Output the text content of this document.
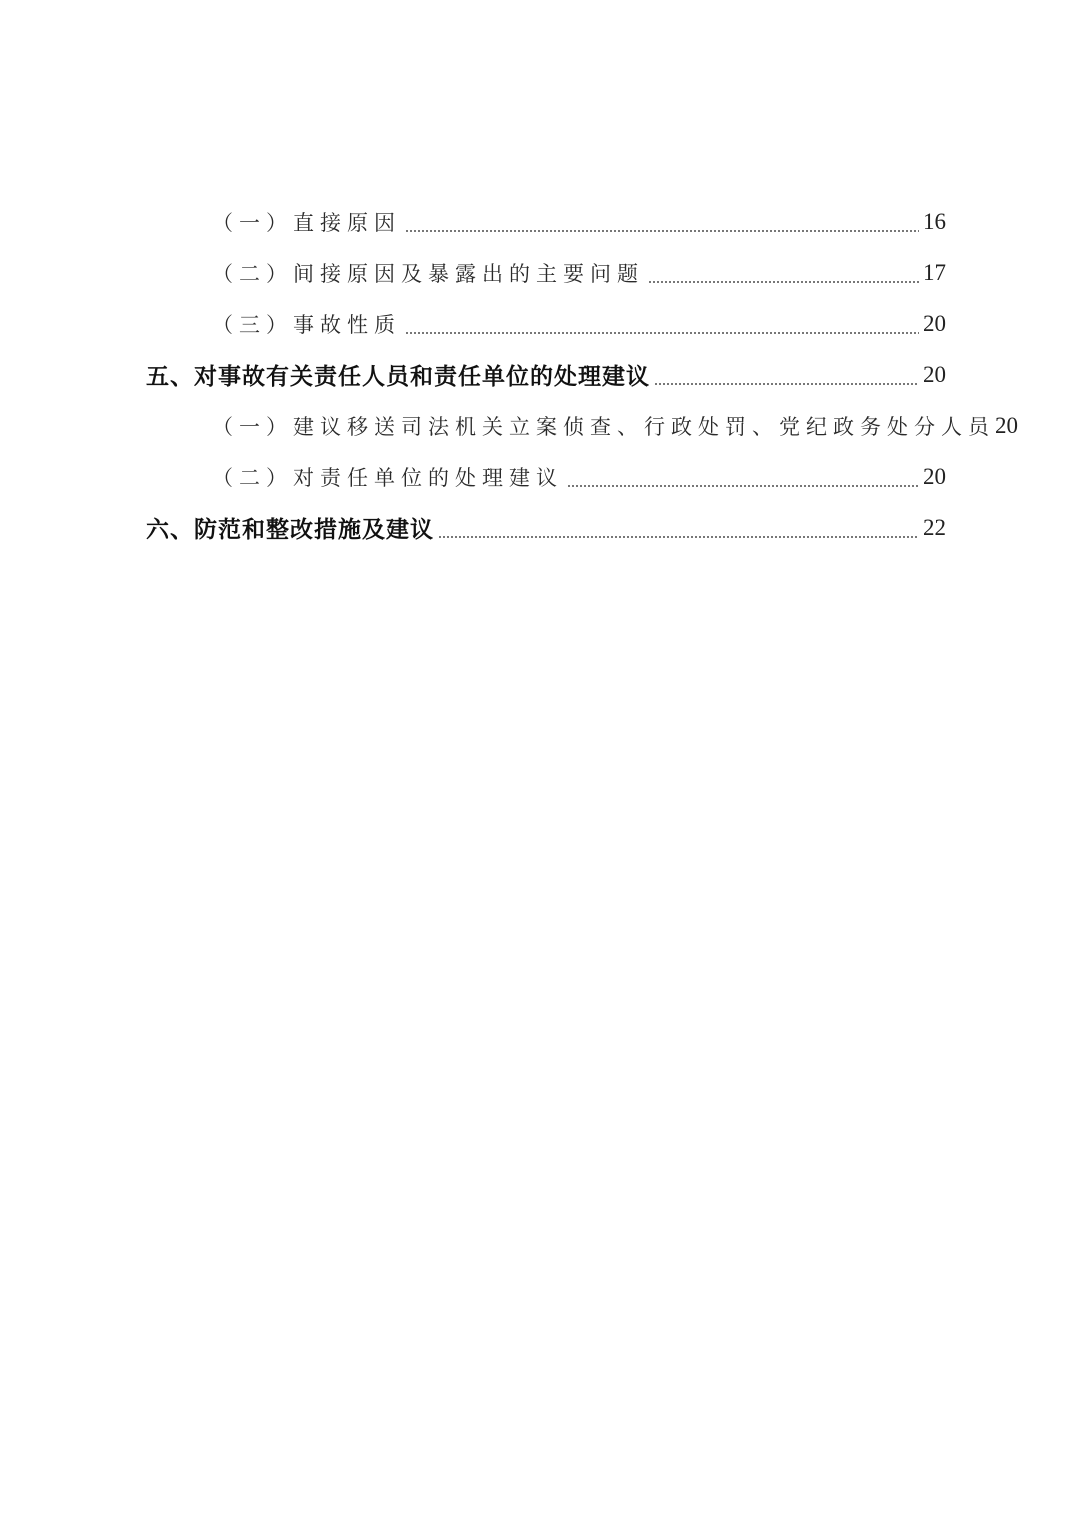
（一）直接原因	16
（二）间接原因及暴露出的主要问题	17
（三）事故性质	20
五、对事故有关责任人员和责任单位的处理建议	20
（一）建议移送司法机关立案侦查、行政处罚、党纪政务处分人员 20
（二）对责任单位的处理建议	20
六、防范和整改措施及建议	22
